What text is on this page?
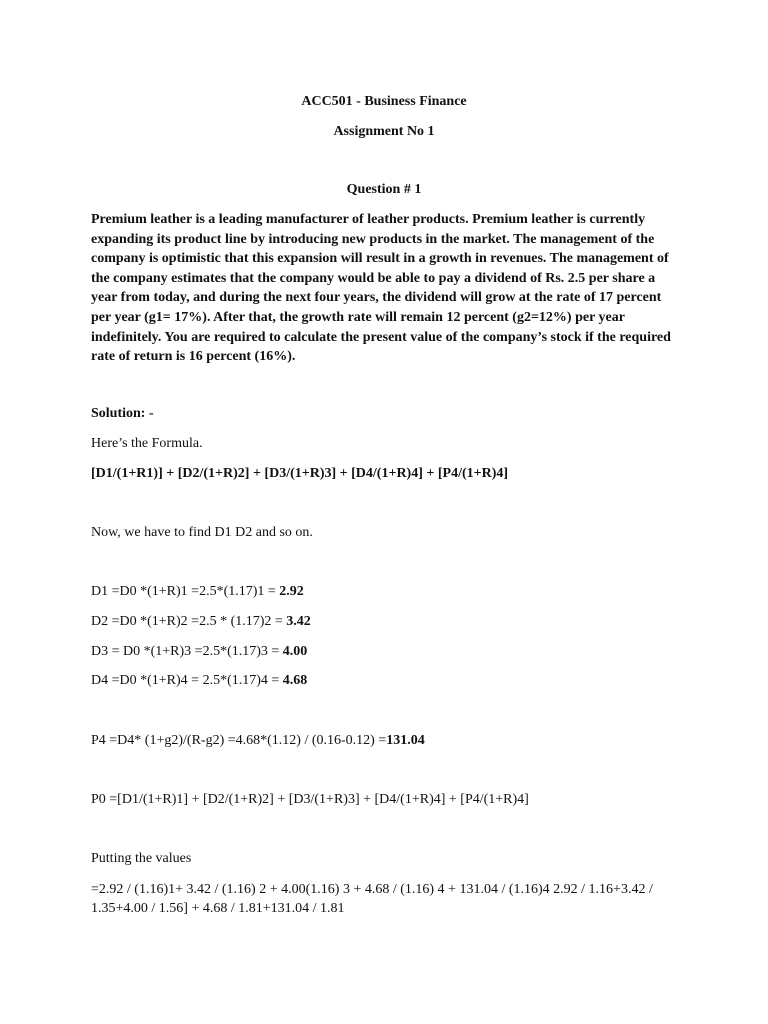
ACC501 - Business Finance
Assignment No 1
Question # 1

Premium leather is a leading manufacturer of leather products. Premium leather is currently expanding its product line by introducing new products in the market. The management of the company is optimistic that this expansion will result in a growth in revenues. The management of the company estimates that the company would be able to pay a dividend of Rs. 2.5 per share a year from today, and during the next four years, the dividend will grow at the rate of 17 percent per year (g1= 17%). After that, the growth rate will remain 12 percent (g2=12%) per year indefinitely. You are required to calculate the present value of the company’s stock if the required rate of return is 16 percent (16%).

Solution: -

Here’s the Formula.

[D1/(1+R1)] + [D2/(1+R)2] + [D3/(1+R)3] + [D4/(1+R)4] + [P4/(1+R)4]

Now, we have to find D1 D2 and so on.

D1 =D0 *(1+R)1 =2.5*(1.17)1 = 2.92

D2 =D0 *(1+R)2 =2.5 * (1.17)2 = 3.42

D3 = D0 *(1+R)3 =2.5*(1.17)3 = 4.00

D4 =D0 *(1+R)4 = 2.5*(1.17)4 = 4.68

P4 =D4* (1+g2)/(R-g2) =4.68*(1.12) / (0.16-0.12) =131.04

P0 =[D1/(1+R)1] + [D2/(1+R)2] + [D3/(1+R)3] + [D4/(1+R)4] + [P4/(1+R)4]

Putting the values

=2.92 / (1.16)1+ 3.42 / (1.16) 2 + 4.00(1.16) 3 + 4.68 / (1.16) 4 + 131.04 / (1.16)4 2.92 / 1.16+3.42 / 1.35+4.00 / 1.56] + 4.68 / 1.81+131.04 / 1.81
